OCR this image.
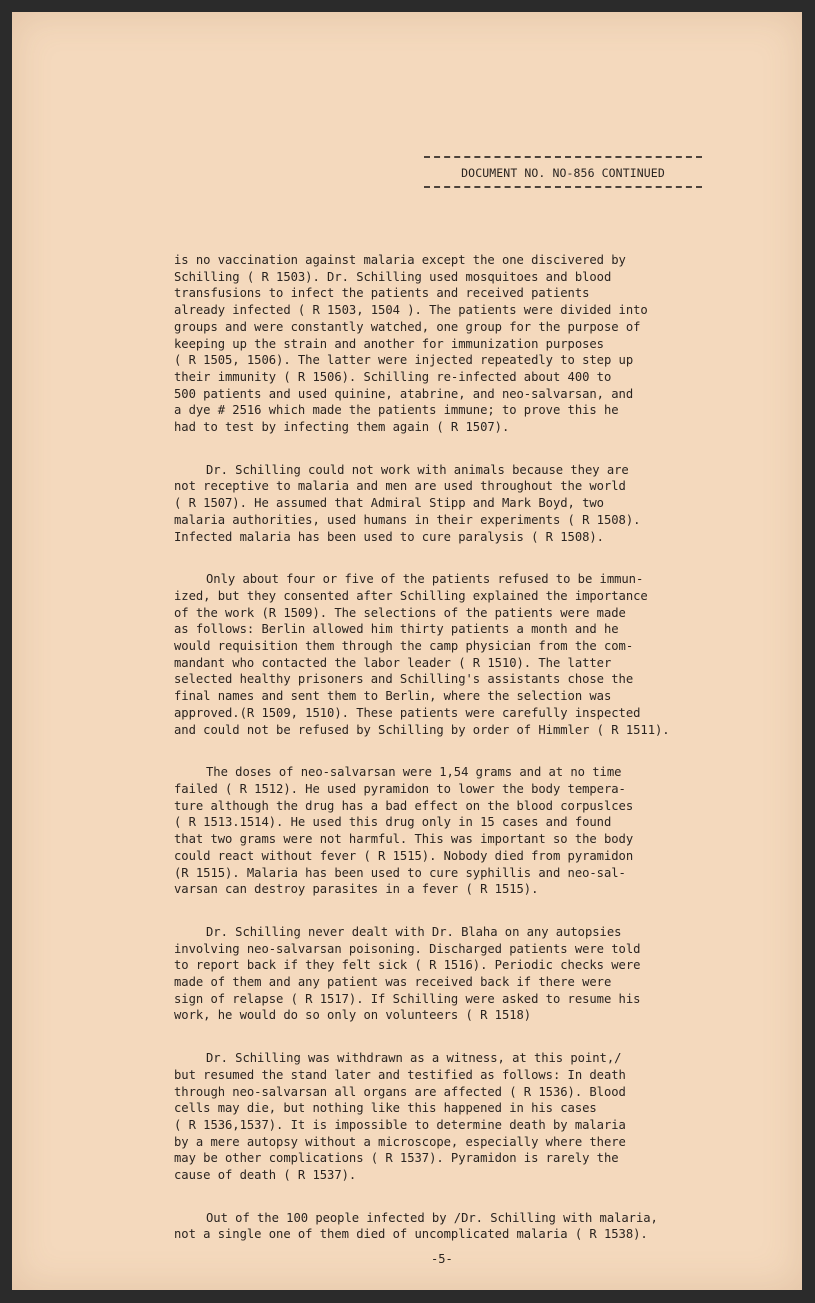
DOCUMENT NO. NO-856 CONTINUED
is no vaccination against malaria except the one discivered by
Schilling ( R 1503). Dr. Schilling used mosquitoes and blood
transfusions to infect the patients and received patients
already infected ( R 1503, 1504 ). The patients were divided into
groups and were constantly watched, one group for the purpose of
keeping up the strain and another for immunization purposes
( R 1505, 1506). The latter were injected repeatedly to step up
their immunity ( R 1506). Schilling re-infected about 400 to
500 patients and used quinine, atabrine, and neo-salvarsan, and
a dye # 2516 which made the patients immune; to prove this he
had to test by infecting them again ( R 1507).
Dr. Schilling could not work with animals because they are
not receptive to malaria and men are used throughout the world
( R 1507). He assumed that Admiral Stipp and Mark Boyd, two
malaria authorities, used humans in their experiments ( R 1508).
Infected malaria has been used to cure paralysis ( R 1508).
Only about four or five of the patients refused to be immun-
ized, but they consented after Schilling explained the importance
of the work (R 1509). The selections of the patients were made
as follows: Berlin allowed him thirty patients a month and he
would requisition them through the camp physician from the com-
mandant who contacted the labor leader ( R 1510). The latter
selected healthy prisoners and Schilling's assistants chose the
final names and sent them to Berlin, where the selection was
approved.(R 1509, 1510). These patients were carefully inspected
and could not be refused by Schilling by order of Himmler ( R 1511).
The doses of neo-salvarsan were 1,54 grams and at no time
failed ( R 1512). He used pyramidon to lower the body tempera-
ture although the drug has a bad effect on the blood corpuslces
( R 1513.1514). He used this drug only in 15 cases and found
that two grams were not harmful. This was important so the body
could react without fever ( R 1515). Nobody died from pyramidon
(R 1515). Malaria has been used to cure syphillis and neo-sal-
varsan can destroy parasites in a fever ( R 1515).
Dr. Schilling never dealt with Dr. Blaha on any autopsies
involving neo-salvarsan poisoning. Discharged patients were told
to report back if they felt sick ( R 1516). Periodic checks were
made of them and any patient was received back if there were
sign of relapse ( R 1517). If Schilling were asked to resume his
work, he would do so only on volunteers ( R 1518)
Dr. Schilling was withdrawn as a witness, at this point,/
but resumed the stand later and testified as follows: In death
through neo-salvarsan all organs are affected ( R 1536). Blood
cells may die, but nothing like this happened in his cases
( R 1536,1537). It is impossible to determine death by malaria
by a mere autopsy without a microscope, especially where there
may be other complications ( R 1537). Pyramidon is rarely the
cause of death ( R 1537).
Out of the 100 people infected by /Dr. Schilling with malaria,
not a single one of them died of uncomplicated malaria ( R 1538).
-5-
